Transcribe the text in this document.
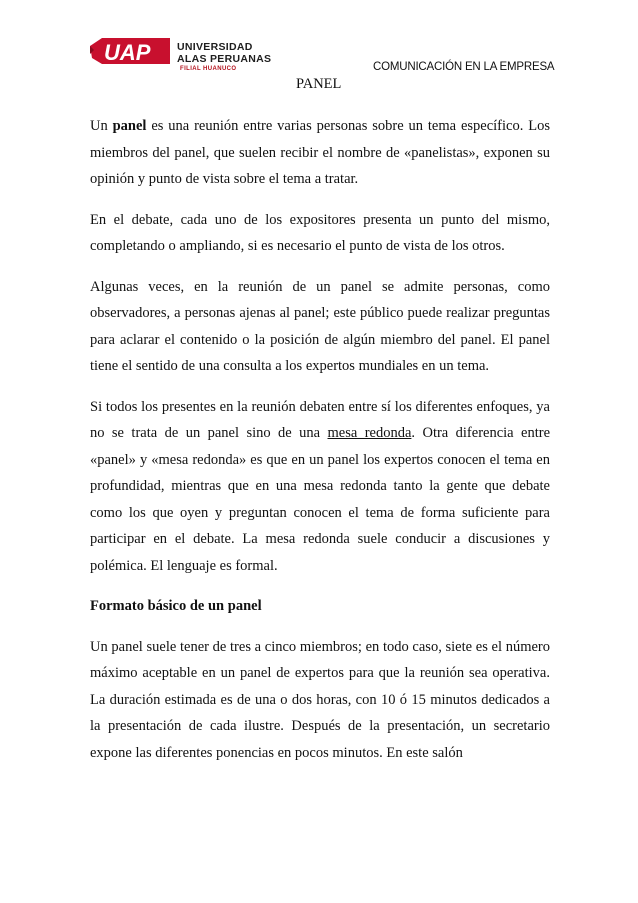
UAP	UNIVERSIDAD
ALAS PERUANAS
FILIAL HUANUCO	COMUNICACIÓN EN LA EMPRESA
PANEL

Un panel es una reunión entre varias personas sobre un tema específico. Los miembros del panel, que suelen recibir el nombre de «panelistas», exponen su opinión y punto de vista sobre el tema a tratar.

En el debate, cada uno de los expositores presenta un punto del mismo, completando o ampliando, si es necesario el punto de vista de los otros.

Algunas veces, en la reunión de un panel se admite personas, como observadores, a personas ajenas al panel; este público puede realizar preguntas para aclarar el contenido o la posición de algún miembro del panel. El panel tiene el sentido de una consulta a los expertos mundiales en un tema.

Si todos los presentes en la reunión debaten entre sí los diferentes enfoques, ya no se trata de un panel sino de una mesa redonda. Otra diferencia entre «panel» y «mesa redonda» es que en un panel los expertos conocen el tema en profundidad, mientras que en una mesa redonda tanto la gente que debate como los que oyen y preguntan conocen el tema de forma suficiente para participar en el debate. La mesa redonda suele conducir a discusiones y polémica. El lenguaje es formal.

Formato básico de un panel

Un panel suele tener de tres a cinco miembros; en todo caso, siete es el número máximo aceptable en un panel de expertos para que la reunión sea operativa. La duración estimada es de una o dos horas, con 10 ó 15 minutos dedicados a la presentación de cada ilustre. Después de la presentación, un secretario expone las diferentes ponencias en pocos minutos. En este salón
